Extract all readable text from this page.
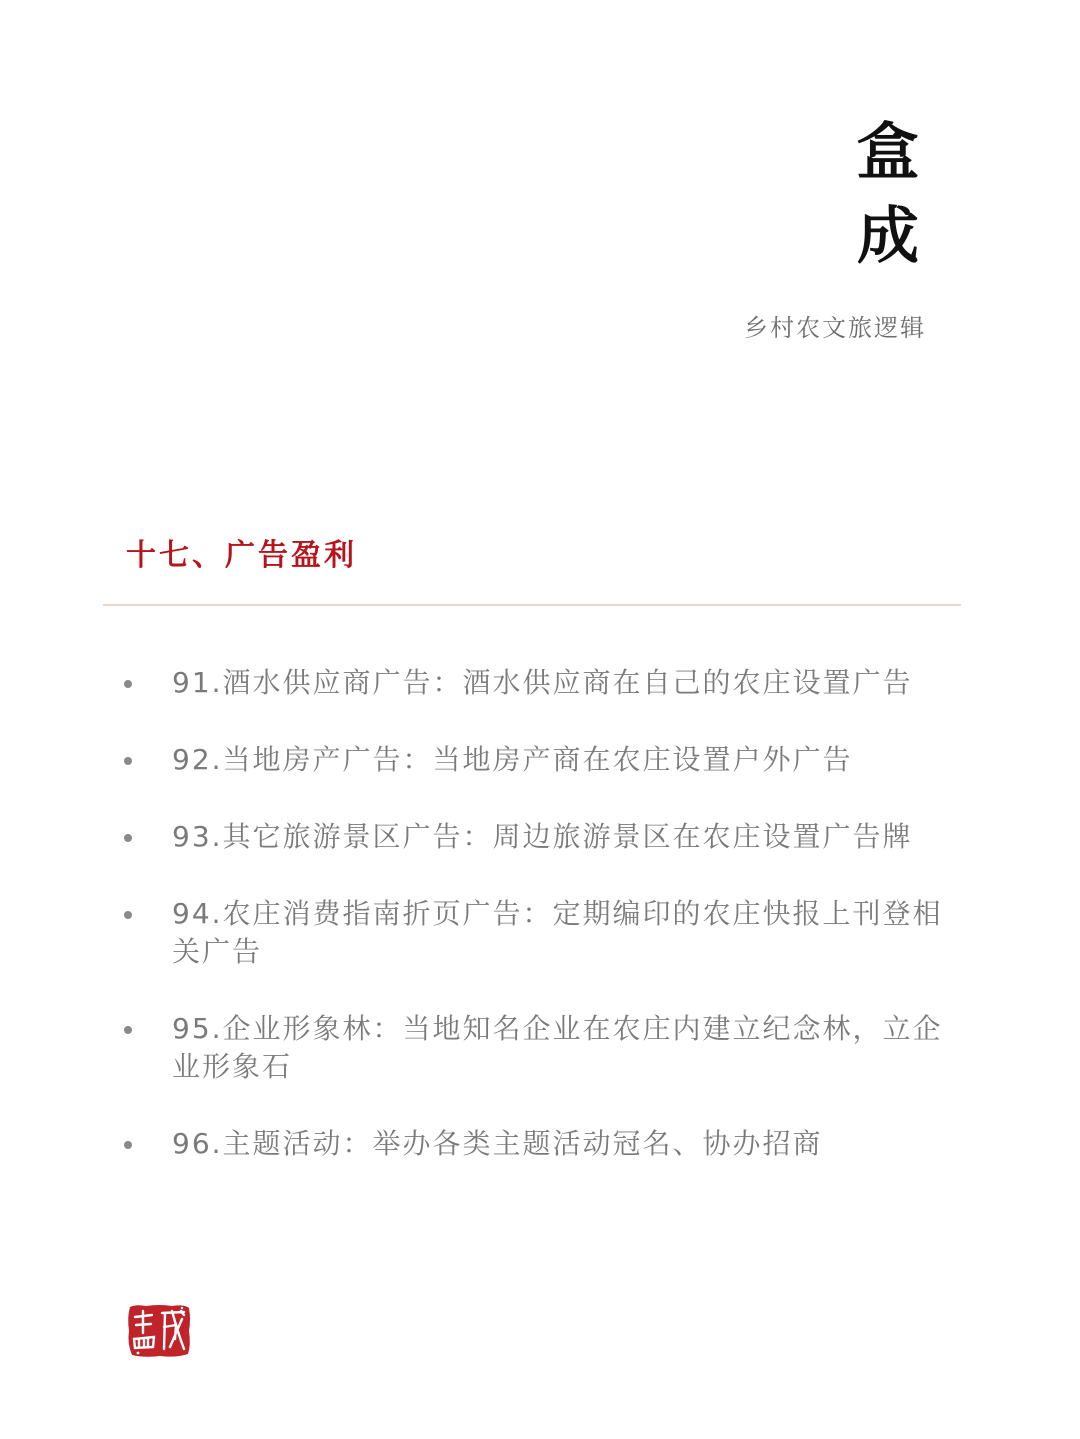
盒
成
乡村农文旅逻辑
十七、广告盈利
91.酒水供应商广告：酒水供应商在自己的农庄设置广告
92.当地房产广告：当地房产商在农庄设置户外广告
93.其它旅游景区广告：周边旅游景区在农庄设置广告牌
94.农庄消费指南折页广告：定期编印的农庄快报上刊登相关广告
95.企业形象林：当地知名企业在农庄内建立纪念林，立企业形象石
96.主题活动：举办各类主题活动冠名、协办招商
